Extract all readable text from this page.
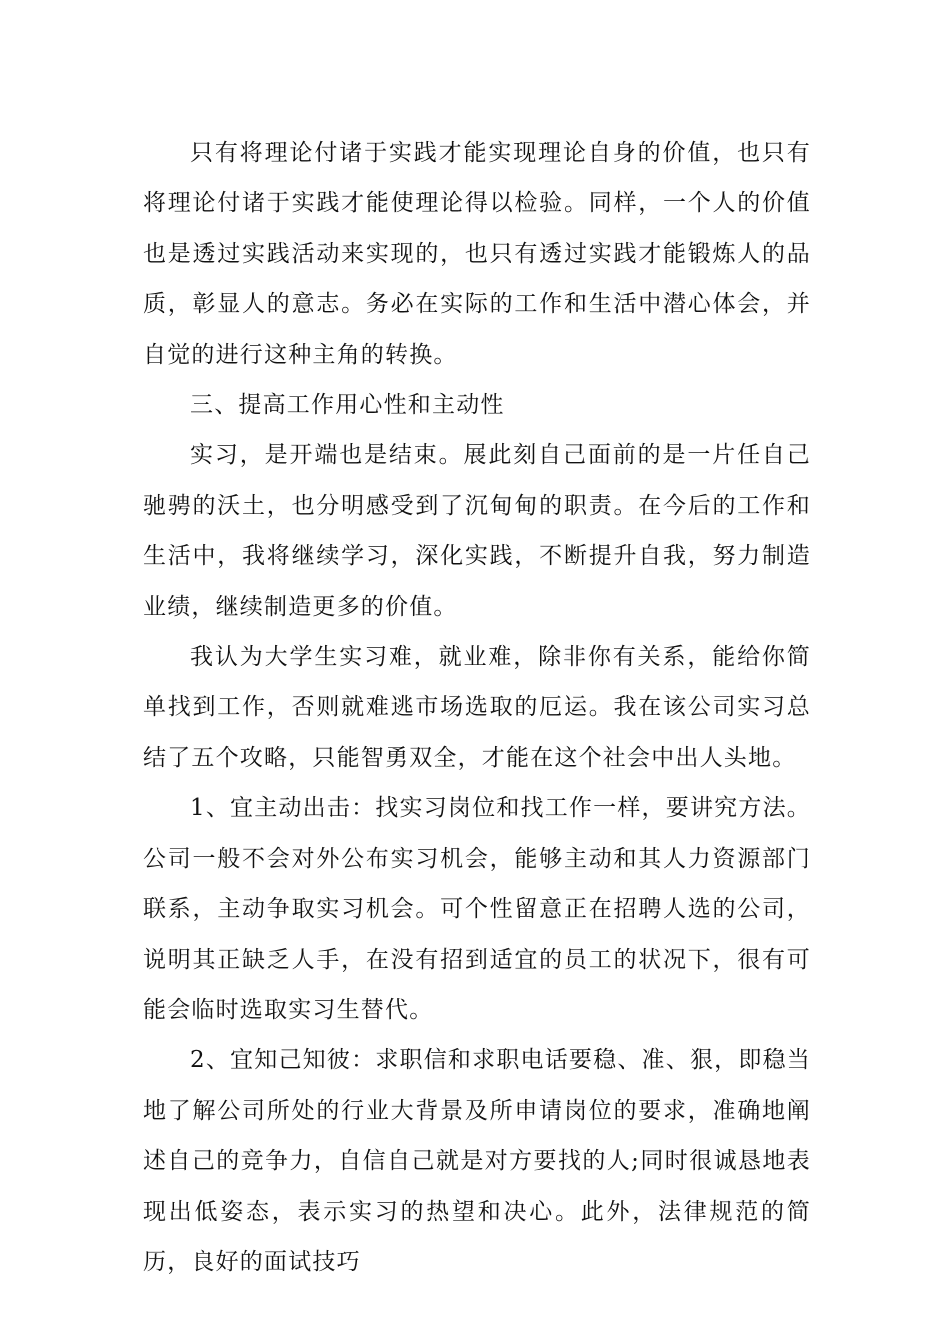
只有将理论付诸于实践才能实现理论自身的价值，也只有将理论付诸于实践才能使理论得以检验。同样，一个人的价值也是透过实践活动来实现的，也只有透过实践才能锻炼人的品质，彰显人的意志。务必在实际的工作和生活中潜心体会，并自觉的进行这种主角的转换。

三、提高工作用心性和主动性

实习，是开端也是结束。展此刻自己面前的是一片任自己驰骋的沃土，也分明感受到了沉甸甸的职责。在今后的工作和生活中，我将继续学习，深化实践，不断提升自我，努力制造业绩，继续制造更多的价值。

我认为大学生实习难，就业难，除非你有关系，能给你简单找到工作，否则就难逃市场选取的厄运。我在该公司实习总结了五个攻略，只能智勇双全，才能在这个社会中出人头地。

1、宜主动出击：找实习岗位和找工作一样，要讲究方法。公司一般不会对外公布实习机会，能够主动和其人力资源部门联系，主动争取实习机会。可个性留意正在招聘人选的公司，说明其正缺乏人手，在没有招到适宜的员工的状况下，很有可能会临时选取实习生替代。

2、宜知己知彼：求职信和求职电话要稳、准、狠，即稳当地了解公司所处的行业大背景及所申请岗位的要求，准确地阐述自己的竞争力，自信自己就是对方要找的人;同时很诚恳地表现出低姿态，表示实习的热望和决心。此外，法律规范的简历，良好的面试技巧
